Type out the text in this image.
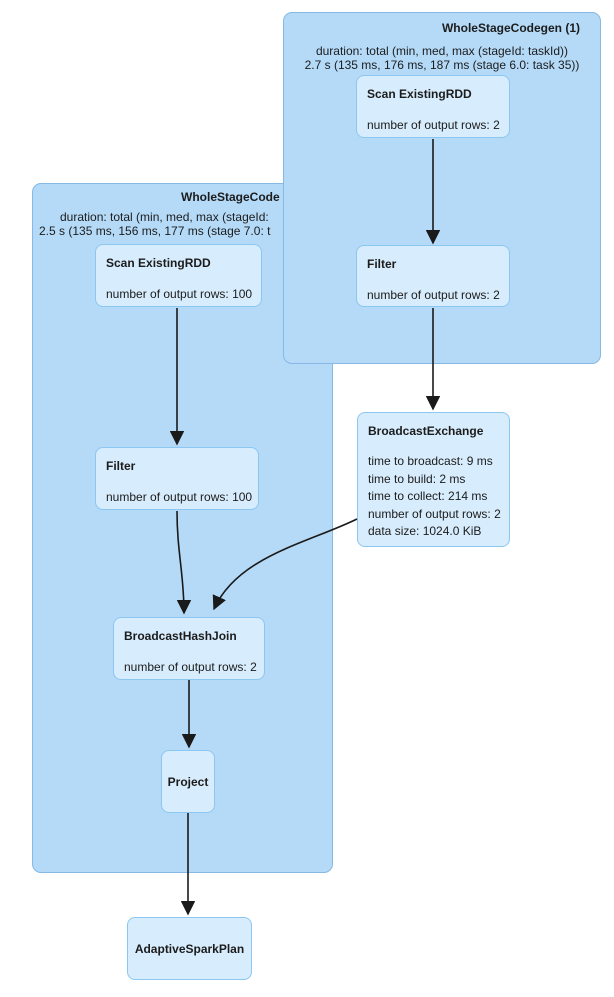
WholeStageCode
duration: total (min, med, max (stageId:
2.5 s (135 ms, 156 ms, 177 ms (stage 7.0: t
Scan ExistingRDD
number of output rows: 100
Filter
number of output rows: 100
BroadcastHashJoin
number of output rows: 2
Project
WholeStageCodegen (1)
duration: total (min, med, max (stageId: taskId))
2.7 s (135 ms, 176 ms, 187 ms (stage 6.0: task 35))
Scan ExistingRDD
number of output rows: 2
Filter
number of output rows: 2
BroadcastExchange
time to broadcast: 9 ms
time to build: 2 ms
time to collect: 214 ms
number of output rows: 2
data size: 1024.0 KiB
AdaptiveSparkPlan
